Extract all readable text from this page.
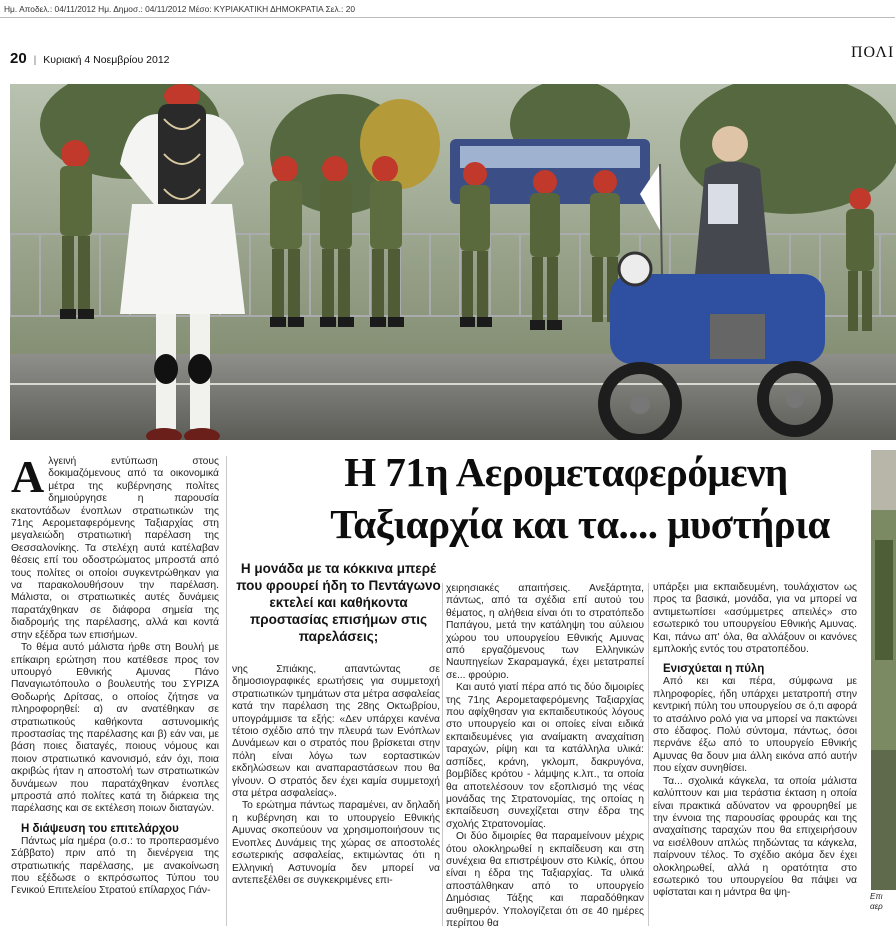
Ημ. Αποδελ.: 04/11/2012 Ημ. Δημοσ.: 04/11/2012 Μέσο: ΚΥΡΙΑΚΑΤΙΚΗ ΔΗΜΟΚΡΑΤΙΑ Σελ.: 20
20 | Κυριακή 4 Νοεμβρίου 2012	ΠΟΛΙ
Η 71η Αερομεταφερόμενη
Ταξιαρχία και τα.... μυστήρια
Η μονάδα με τα κόκκινα μπερέ που φρουρεί ήδη το Πεντάγωνο εκτελεί και καθήκοντα προστασίας επισήμων στις παρελάσεις;

Αλγεινή εντύπωση στους δοκιμαζόμενους από τα οικονομικά μέτρα της κυβέρνησης πολίτες δημιούργησε η παρουσία εκατοντάδων ένοπλων στρατιωτικών της 71ης Αερομεταφερόμενης Ταξιαρχίας στη μεγαλειώδη στρατιωτική παρέλαση της Θεσσαλονίκης. Τα στελέχη αυτά κατέλαβαν θέσεις επί του οδοστρώματος μπροστά από τους πολίτες οι οποίοι συγκεντρώθηκαν για να παρακολουθήσουν την παρέλαση. Μάλιστα, οι στρατιωτικές αυτές δυνάμεις παρατάχθηκαν σε διάφορα σημεία της διαδρομής της παρέλασης, αλλά και κοντά στην εξέδρα των επισήμων.

Το θέμα αυτό μάλιστα ήρθε στη Βουλή με επίκαιρη ερώτηση που κατέθεσε προς τον υπουργό Εθνικής Αμυνας Πάνο Παναγιωτόπουλο ο βουλευτής του ΣΥΡΙΖΑ Θοδωρής Δρίτσας, ο οποίος ζήτησε να πληροφορηθεί: α) αν ανατέθηκαν σε στρατιωτικούς καθήκοντα αστυνομικής προστασίας της παρέλασης και β) εάν ναι, με βάση ποιες διαταγές, ποιους νόμους και ποιον στρατιωτικό κανονισμό, εάν όχι, ποια ακριβώς ήταν η αποστολή των στρατιωτικών δυνάμεων που παρατάχθηκαν ένοπλες μπροστά από πολίτες κατά τη διάρκεια της παρέλασης και σε εκτέλεση ποιων διαταγών.

Η διάψευση του επιτελάρχου

Πάντως μία ημέρα (ο.σ.: το προπερασμένο Σάββατο) πριν από τη διενέργεια της στρατιωτικής παρέλασης, με ανακοίνωση που εξέδωσε ο εκπρόσωπος Τύπου του Γενικού Επιτελείου Στρατού επίλαρχος Γιάν-

νης Σπιάκης, απαντώντας σε δημοσιογραφικές ερωτήσεις για συμμετοχή στρατιωτικών τμημάτων στα μέτρα ασφαλείας κατά την παρέλαση της 28ης Οκτωβρίου, υπογράμμισε τα εξής: «Δεν υπάρχει κανένα τέτοιο σχέδιο από την πλευρά των Ενόπλων Δυνάμεων και ο στρατός που βρίσκεται στην πόλη είναι λόγω των εορταστικών εκδηλώσεων και αναπαραστάσεων που θα γίνουν. Ο στρατός δεν έχει καμία συμμετοχή στα μέτρα ασφαλείας».

Το ερώτημα πάντως παραμένει, αν δηλαδή η κυβέρνηση και το υπουργείο Εθνικής Αμυνας σκοπεύουν να χρησιμοποιήσουν τις Ενοπλες Δυνάμεις της χώρας σε αποστολές εσωτερικής ασφαλείας, εκτιμώντας ότι η Ελληνική Αστυνομία δεν μπορεί να αντεπεξέλθει σε συγκεκριμένες επι-

χειρησιακές απαιτήσεις. Ανεξάρτητα, πάντως, από τα σχέδια επί αυτού του θέματος, η αλήθεια είναι ότι το στρατόπεδο Παπάγου, μετά την κατάληψη του αύλειου χώρου του υπουργείου Εθνικής Αμυνας από εργαζόμενους των Ελληνικών Ναυπηγείων Σκαραμαγκά, έχει μετατραπεί σε... φρούριο.

Και αυτό γιατί πέρα από τις δύο διμοιρίες της 71ης Αερομεταφερόμενης Ταξιαρχίας που αφίχθησαν για εκπαιδευτικούς λόγους στο υπουργείο και οι οποίες είναι ειδικά εκπαιδευμένες για αναίμακτη αναχαίτιση ταραχών, ρίψη και τα κατάλληλα υλικά: ασπίδες, κράνη, γκλομπ, δακρυγόνα, βομβίδες κρότου - λάμψης κ.λπ., τα οποία θα αποτελέσουν τον εξοπλισμό της νέας μονάδας της Στρατονομίας, της οποίας η εκπαίδευση συνεχίζεται στην έδρα της σχολής Στρατονομίας.

Οι δύο διμοιρίες θα παραμείνουν μέχρις ότου ολοκληρωθεί η εκπαίδευση και στη συνέχεια θα επιστρέψουν στο Κιλκίς, όπου είναι η έδρα της Ταξιαρχίας. Τα υλικά αποστάλθηκαν από το υπουργείο Δημόσιας Τάξης και παραδόθηκαν αυθημερόν. Υπολογίζεται ότι σε 40 ημέρες περίπου θα

υπάρξει μια εκπαιδευμένη, τουλάχιστον ως προς τα βασικά, μονάδα, για να μπορεί να αντιμετωπίσει «ασύμμετρες απειλές» στο εσωτερικό του υπουργείου Εθνικής Αμυνας. Και, πάνω απ' όλα, θα αλλάξουν οι κανόνες εμπλοκής εντός του στρατοπέδου.

Ενισχύεται η πύλη

Από κει και πέρα, σύμφωνα με πληροφορίες, ήδη υπάρχει μετατροπή στην κεντρική πύλη του υπουργείου σε ό,τι αφορά το ατσάλινο ρολό για να μπορεί να πακτώνει στο έδαφος. Πολύ σύντομα, πάντως, όσοι περνάνε έξω από το υπουργείο Εθνικής Αμυνας θα δουν μια άλλη εικόνα από αυτήν που είχαν συνηθίσει.

Τα... σχολικά κάγκελα, τα οποία μάλιστα καλύπτουν και μια τεράστια έκταση η οποία είναι πρακτικά αδύνατον να φρουρηθεί με την έννοια της παρουσίας φρουράς και της αναχαίτισης ταραχών που θα επιχειρήσουν να εισέλθουν απλώς πηδώντας τα κάγκελα, παίρνουν τέλος. Το σχέδιο ακόμα δεν έχει ολοκληρωθεί, αλλά η ορατότητα στο εσωτερικό του υπουργείου θα πάψει να υφίσταται και η μάντρα θα ψη-	Επι αερ
